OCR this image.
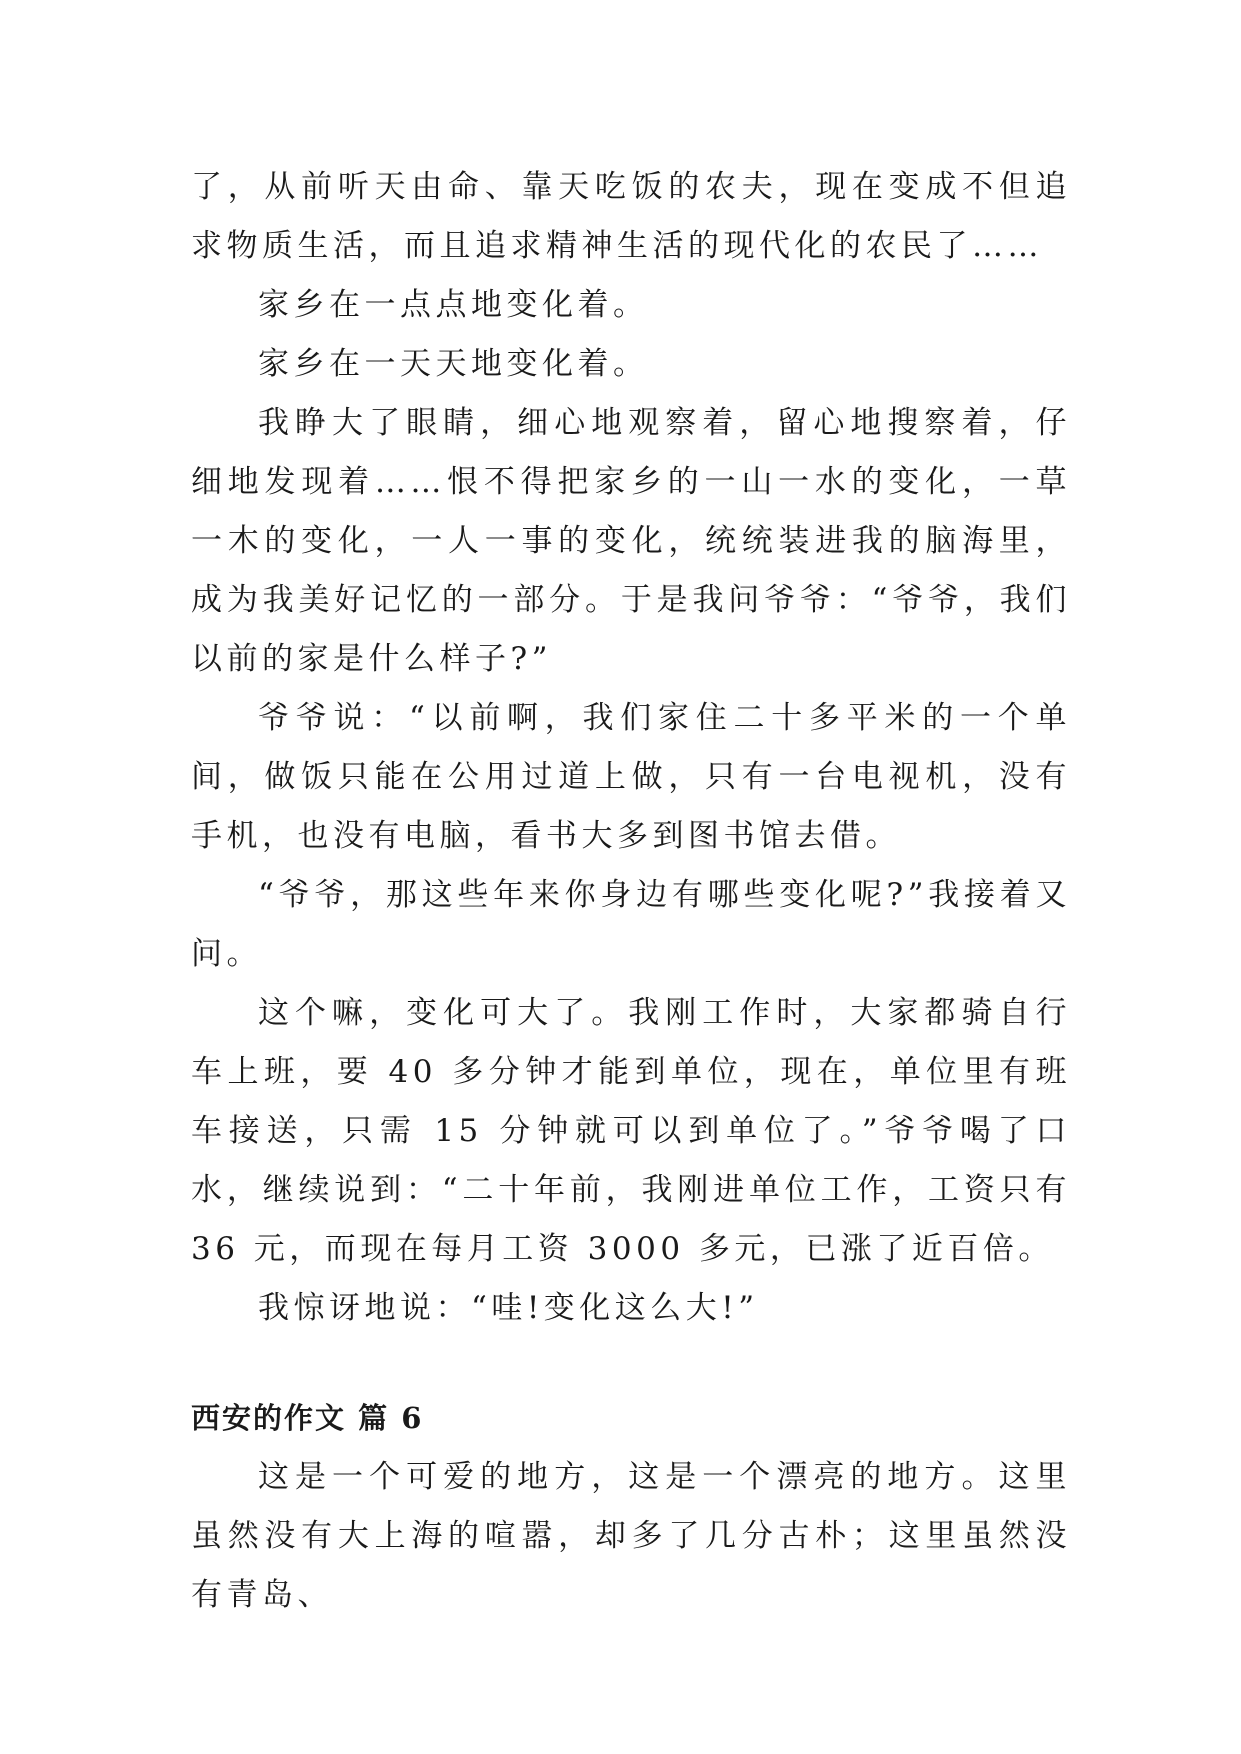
了，从前听天由命、靠天吃饭的农夫，现在变成不但追求物质生活，而且追求精神生活的现代化的农民了……

家乡在一点点地变化着。

家乡在一天天地变化着。

我睁大了眼睛，细心地观察着，留心地搜察着，仔细地发现着……恨不得把家乡的一山一水的变化，一草一木的变化，一人一事的变化，统统装进我的脑海里，成为我美好记忆的一部分。于是我问爷爷：“爷爷，我们以前的家是什么样子?”

爷爷说：“以前啊，我们家住二十多平米的一个单间，做饭只能在公用过道上做，只有一台电视机，没有手机，也没有电脑，看书大多到图书馆去借。

“爷爷，那这些年来你身边有哪些变化呢?”我接着又问。

这个嘛，变化可大了。我刚工作时，大家都骑自行车上班，要 40 多分钟才能到单位，现在，单位里有班车接送，只需 15 分钟就可以到单位了。”爷爷喝了口水，继续说到：“二十年前，我刚进单位工作，工资只有 36 元，而现在每月工资 3000 多元，已涨了近百倍。

我惊讶地说：“哇!变化这么大!”

西安的作文 篇 6

这是一个可爱的地方，这是一个漂亮的地方。这里虽然没有大上海的喧嚣，却多了几分古朴；这里虽然没有青岛、
